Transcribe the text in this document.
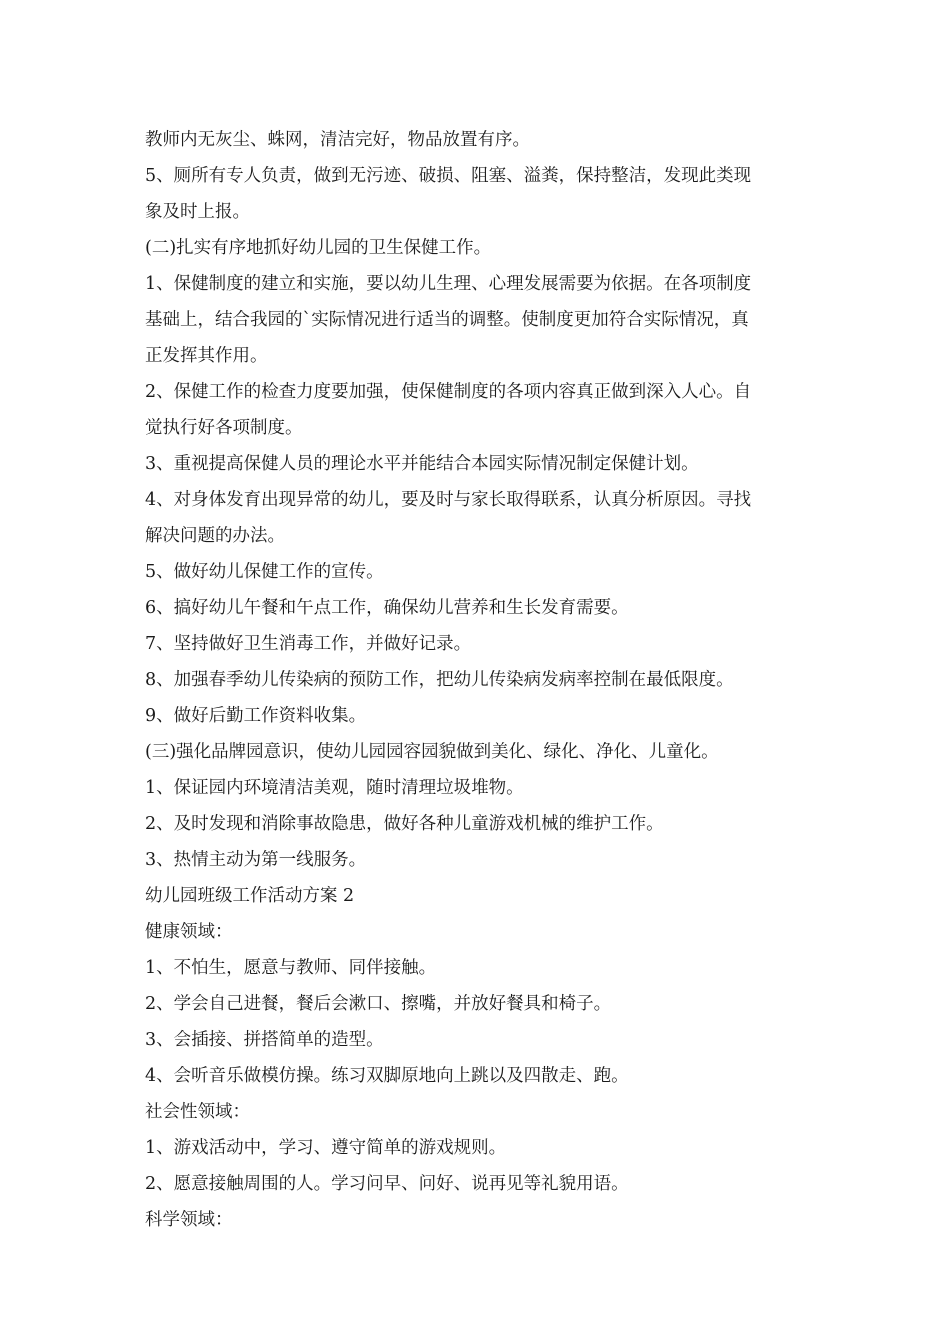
教师内无灰尘、蛛网，清洁完好，物品放置有序。
5、厕所有专人负责，做到无污迹、破损、阻塞、溢粪，保持整洁，发现此类现
象及时上报。
(二)扎实有序地抓好幼儿园的卫生保健工作。
1、保健制度的建立和实施，要以幼儿生理、心理发展需要为依据。在各项制度
基础上，结合我园的`实际情况进行适当的调整。使制度更加符合实际情况，真
正发挥其作用。
2、保健工作的检查力度要加强，使保健制度的各项内容真正做到深入人心。自
觉执行好各项制度。
3、重视提高保健人员的理论水平并能结合本园实际情况制定保健计划。
4、对身体发育出现异常的幼儿，要及时与家长取得联系，认真分析原因。寻找
解决问题的办法。
5、做好幼儿保健工作的宣传。
6、搞好幼儿午餐和午点工作，确保幼儿营养和生长发育需要。
7、坚持做好卫生消毒工作，并做好记录。
8、加强春季幼儿传染病的预防工作，把幼儿传染病发病率控制在最低限度。
9、做好后勤工作资料收集。
(三)强化品牌园意识，使幼儿园园容园貌做到美化、绿化、净化、儿童化。
1、保证园内环境清洁美观，随时清理垃圾堆物。
2、及时发现和消除事故隐患，做好各种儿童游戏机械的维护工作。
3、热情主动为第一线服务。
幼儿园班级工作活动方案 2
健康领域：
1、不怕生，愿意与教师、同伴接触。
2、学会自己进餐，餐后会漱口、擦嘴，并放好餐具和椅子。
3、会插接、拼搭简单的造型。
4、会听音乐做模仿操。练习双脚原地向上跳以及四散走、跑。
社会性领域：
1、游戏活动中，学习、遵守简单的游戏规则。
2、愿意接触周围的人。学习问早、问好、说再见等礼貌用语。
科学领域：
